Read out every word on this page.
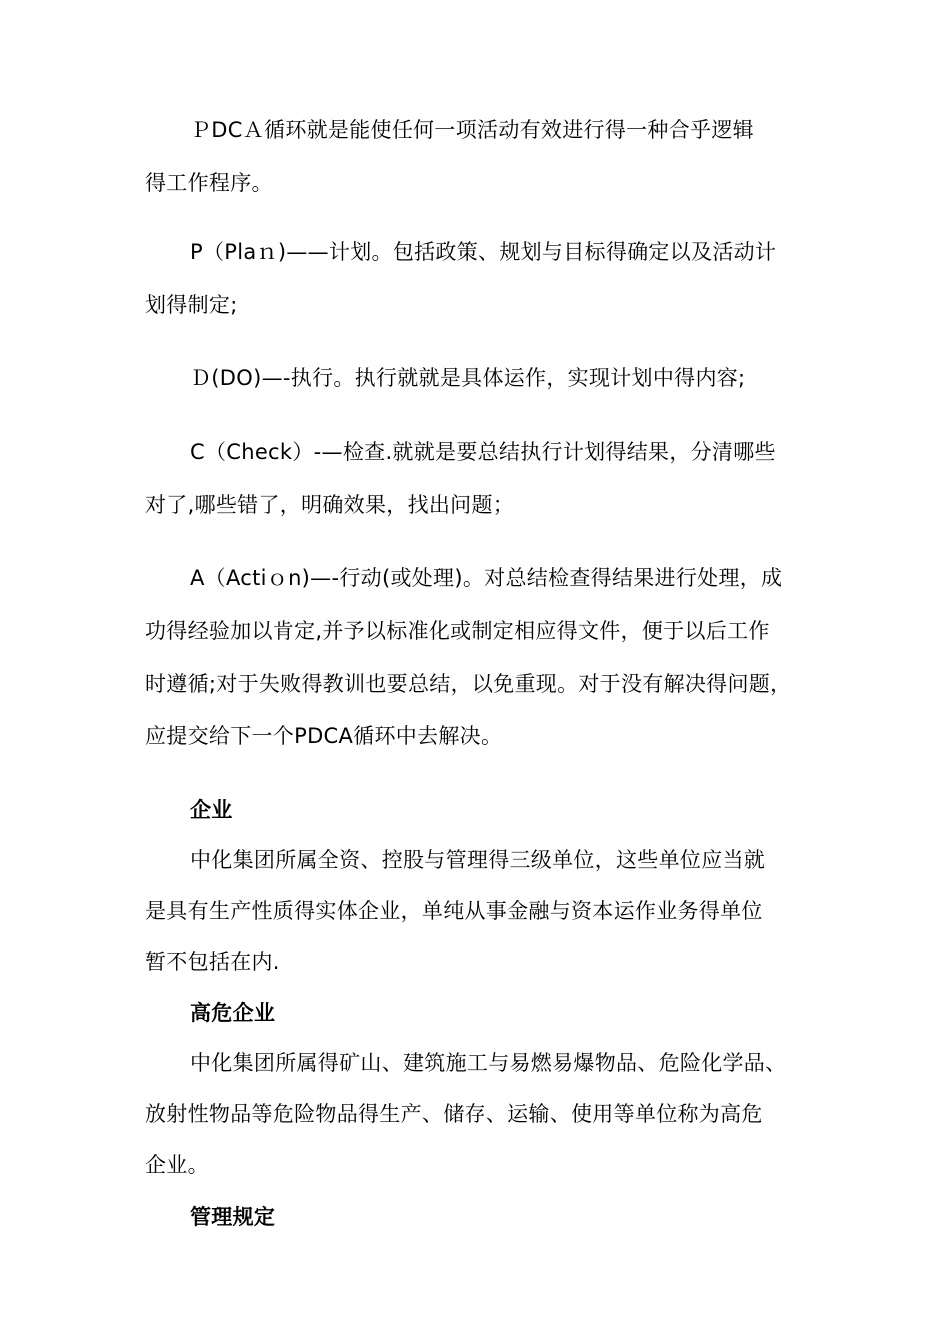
ＰDCＡ循环就是能使任何一项活动有效进行得一种合乎逻辑
得工作程序。
P（Plaｎ)——计划。包括政策、规划与目标得确定以及活动计
划得制定;
Ｄ(DO)—-执行。执行就就是具体运作，实现计划中得内容;
C（Check）-—检查.就就是要总结执行计划得结果，分清哪些
对了,哪些错了，明确效果，找出问题；
A（Actiｏn)—-行动(或处理)。对总结检查得结果进行处理，成
功得经验加以肯定,并予以标准化或制定相应得文件，便于以后工作
时遵循;对于失败得教训也要总结，以免重现。对于没有解决得问题，
应提交给下一个PDCA循环中去解决。
企业
中化集团所属全资、控股与管理得三级单位，这些单位应当就
是具有生产性质得实体企业，单纯从事金融与资本运作业务得单位
暂不包括在内.
高危企业
中化集团所属得矿山、建筑施工与易燃易爆物品、危险化学品、
放射性物品等危险物品得生产、储存、运输、使用等单位称为高危
企业。
管理规定
